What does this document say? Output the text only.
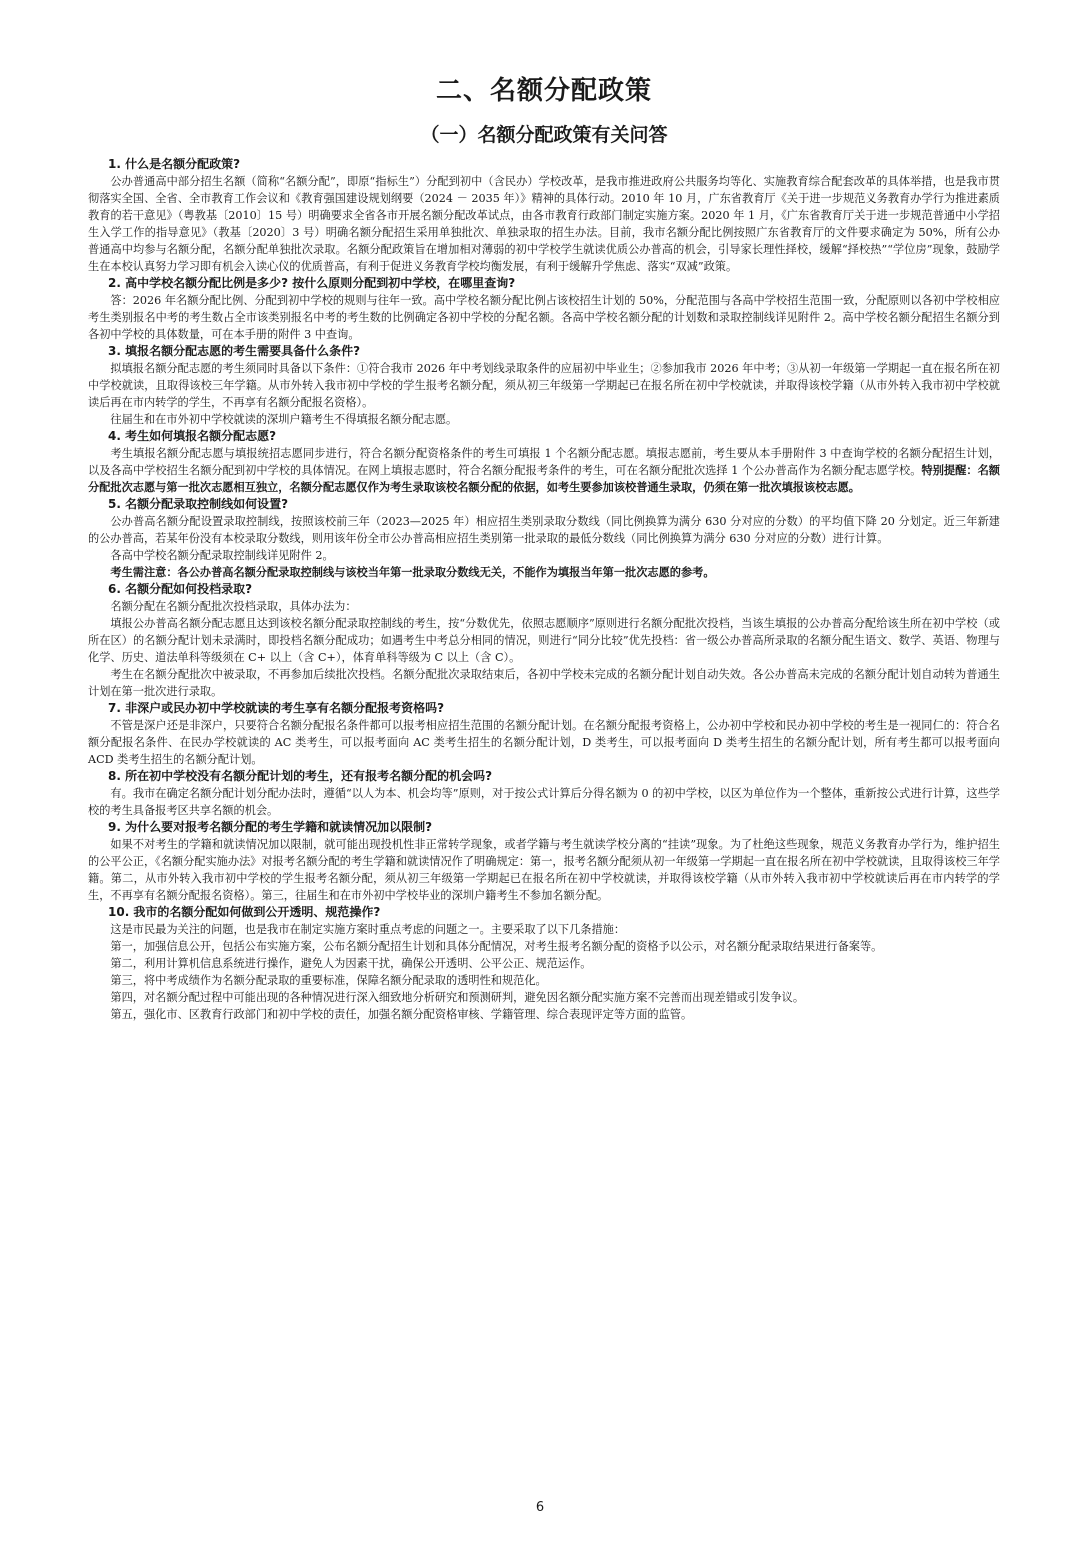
二、名额分配政策
（一）名额分配政策有关问答
1. 什么是名额分配政策?
公办普通高中部分招生名额（简称“名额分配”，即原“指标生”）分配到初中（含民办）学校改革，是我市推进政府公共服务均等化、实施教育综合配套改革的具体举措，也是我市贯彻落实全国、全省、全市教育工作会议和《教育强国建设规划纲要（2024 － 2035 年）》精神的具体行动。2010 年 10 月，广东省教育厅《关于进一步规范义务教育办学行为推进素质教育的若干意见》（粤教基〔2010〕15 号）明确要求全省各市开展名额分配改革试点，由各市教育行政部门制定实施方案。2020 年 1 月，《广东省教育厅关于进一步规范普通中小学招生入学工作的指导意见》（教基〔2020〕3 号）明确名额分配招生采用单独批次、单独录取的招生办法。目前，我市名额分配比例按照广东省教育厅的文件要求确定为 50%，所有公办普通高中均参与名额分配，名额分配单独批次录取。名额分配政策旨在增加相对薄弱的初中学校学生就读优质公办普高的机会，引导家长理性择校，缓解“择校热”“学位房”现象，鼓励学生在本校认真努力学习即有机会入读心仪的优质普高，有利于促进义务教育学校均衡发展，有利于缓解升学焦虑、落实“双减”政策。
2. 高中学校名额分配比例是多少? 按什么原则分配到初中学校，在哪里查询?
答：2026 年名额分配比例、分配到初中学校的规则与往年一致。高中学校名额分配比例占该校招生计划的 50%，分配范围与各高中学校招生范围一致，分配原则以各初中学校相应考生类别报名中考的考生数占全市该类别报名中考的考生数的比例确定各初中学校的分配名额。各高中学校名额分配的计划数和录取控制线详见附件 2。高中学校名额分配招生名额分到各初中学校的具体数量，可在本手册的附件 3 中查询。
3. 填报名额分配志愿的考生需要具备什么条件?
拟填报名额分配志愿的考生须同时具备以下条件：①符合我市 2026 年中考划线录取条件的应届初中毕业生；②参加我市 2026 年中考；③从初一年级第一学期起一直在报名所在初中学校就读，且取得该校三年学籍。从市外转入我市初中学校的学生报考名额分配，须从初三年级第一学期起已在报名所在初中学校就读，并取得该校学籍（从市外转入我市初中学校就读后再在市内转学的学生，不再享有名额分配报名资格）。
往届生和在市外初中学校就读的深圳户籍考生不得填报名额分配志愿。
4. 考生如何填报名额分配志愿?
考生填报名额分配志愿与填报统招志愿同步进行，符合名额分配资格条件的考生可填报 1 个名额分配志愿。填报志愿前，考生要从本手册附件 3 中查询学校的名额分配招生计划，以及各高中学校招生名额分配到初中学校的具体情况。在网上填报志愿时，符合名额分配报考条件的考生，可在名额分配批次选择 1 个公办普高作为名额分配志愿学校。特别提醒：名额分配批次志愿与第一批次志愿相互独立，名额分配志愿仅作为考生录取该校名额分配的依据，如考生要参加该校普通生录取，仍须在第一批次填报该校志愿。
5. 名额分配录取控制线如何设置?
公办普高名额分配设置录取控制线，按照该校前三年（2023—2025 年）相应招生类别录取分数线（同比例换算为满分 630 分对应的分数）的平均值下降 20 分划定。近三年新建的公办普高，若某年份没有本校录取分数线，则用该年份全市公办普高相应招生类别第一批录取的最低分数线（同比例换算为满分 630 分对应的分数）进行计算。
各高中学校名额分配录取控制线详见附件 2。
考生需注意：各公办普高名额分配录取控制线与该校当年第一批录取分数线无关，不能作为填报当年第一批次志愿的参考。
6. 名额分配如何投档录取?
名额分配在名额分配批次投档录取，具体办法为：
填报公办普高名额分配志愿且达到该校名额分配录取控制线的考生，按“分数优先，依照志愿顺序”原则进行名额分配批次投档，当该生填报的公办普高分配给该生所在初中学校（或所在区）的名额分配计划未录满时，即投档名额分配成功；如遇考生中考总分相同的情况，则进行“同分比较”优先投档：省一级公办普高所录取的名额分配生语文、数学、英语、物理与化学、历史、道法单科等级须在 C+ 以上（含 C+），体育单科等级为 C 以上（含 C）。
考生在名额分配批次中被录取，不再参加后续批次投档。名额分配批次录取结束后，各初中学校未完成的名额分配计划自动失效。各公办普高未完成的名额分配计划自动转为普通生计划在第一批次进行录取。
7. 非深户或民办初中学校就读的考生享有名额分配报考资格吗?
不管是深户还是非深户，只要符合名额分配报名条件都可以报考相应招生范围的名额分配计划。在名额分配报考资格上，公办初中学校和民办初中学校的考生是一视同仁的：符合名额分配报名条件、在民办学校就读的 AC 类考生，可以报考面向 AC 类考生招生的名额分配计划，D 类考生，可以报考面向 D 类考生招生的名额分配计划，所有考生都可以报考面向 ACD 类考生招生的名额分配计划。
8. 所在初中学校没有名额分配计划的考生，还有报考名额分配的机会吗?
有。我市在确定名额分配计划分配办法时，遵循“以人为本、机会均等”原则，对于按公式计算后分得名额为 0 的初中学校，以区为单位作为一个整体，重新按公式进行计算，这些学校的考生具备报考区共享名额的机会。
9. 为什么要对报考名额分配的考生学籍和就读情况加以限制?
如果不对考生的学籍和就读情况加以限制，就可能出现投机性非正常转学现象，或者学籍与考生就读学校分离的“挂读”现象。为了杜绝这些现象，规范义务教育办学行为，维护招生的公平公正，《名额分配实施办法》对报考名额分配的考生学籍和就读情况作了明确规定：第一，报考名额分配须从初一年级第一学期起一直在报名所在初中学校就读，且取得该校三年学籍。第二，从市外转入我市初中学校的学生报考名额分配，须从初三年级第一学期起已在报名所在初中学校就读，并取得该校学籍（从市外转入我市初中学校就读后再在市内转学的学生，不再享有名额分配报名资格）。第三，往届生和在市外初中学校毕业的深圳户籍考生不参加名额分配。
10. 我市的名额分配如何做到公开透明、规范操作?
这是市民最为关注的问题，也是我市在制定实施方案时重点考虑的问题之一。主要采取了以下几条措施：
第一，加强信息公开，包括公布实施方案，公布名额分配招生计划和具体分配情况，对考生报考名额分配的资格予以公示，对名额分配录取结果进行备案等。
第二，利用计算机信息系统进行操作，避免人为因素干扰，确保公开透明、公平公正、规范运作。
第三，将中考成绩作为名额分配录取的重要标准，保障名额分配录取的透明性和规范化。
第四，对名额分配过程中可能出现的各种情况进行深入细致地分析研究和预测研判，避免因名额分配实施方案不完善而出现差错或引发争议。
第五，强化市、区教育行政部门和初中学校的责任，加强名额分配资格审核、学籍管理、综合表现评定等方面的监管。
6
